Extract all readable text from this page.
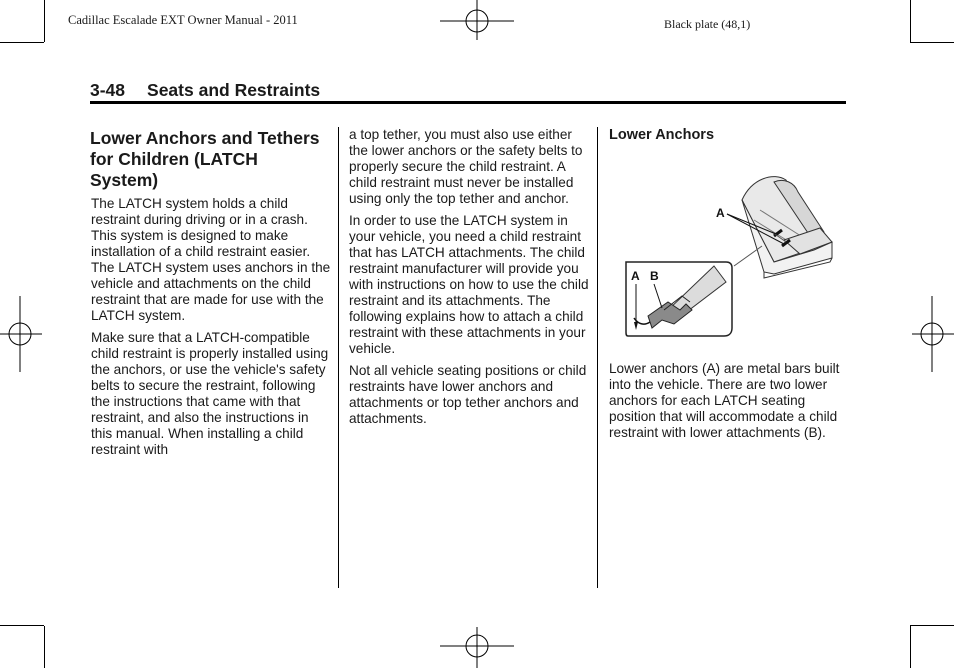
Cadillac Escalade EXT Owner Manual - 2011	Black plate (48,1)
3-48 Seats and Restraints
Lower Anchors and Tethers for Children (LATCH System)

The LATCH system holds a child restraint during driving or in a crash. This system is designed to make installation of a child restraint easier. The LATCH system uses anchors in the vehicle and attachments on the child restraint that are made for use with the LATCH system.

Make sure that a LATCH-compatible child restraint is properly installed using the anchors, or use the vehicle's safety belts to secure the restraint, following the instructions that came with that restraint, and also the instructions in this manual. When installing a child restraint with

a top tether, you must also use either the lower anchors or the safety belts to properly secure the child restraint. A child restraint must never be installed using only the top tether and anchor.

In order to use the LATCH system in your vehicle, you need a child restraint that has LATCH attachments. The child restraint manufacturer will provide you with instructions on how to use the child restraint and its attachments. The following explains how to attach a child restraint with these attachments in your vehicle.

Not all vehicle seating positions or child restraints have lower anchors and attachments or top tether anchors and attachments.

Lower Anchors
A
A B

Lower anchors (A) are metal bars built into the vehicle. There are two lower anchors for each LATCH seating position that will accommodate a child restraint with lower attachments (B).
